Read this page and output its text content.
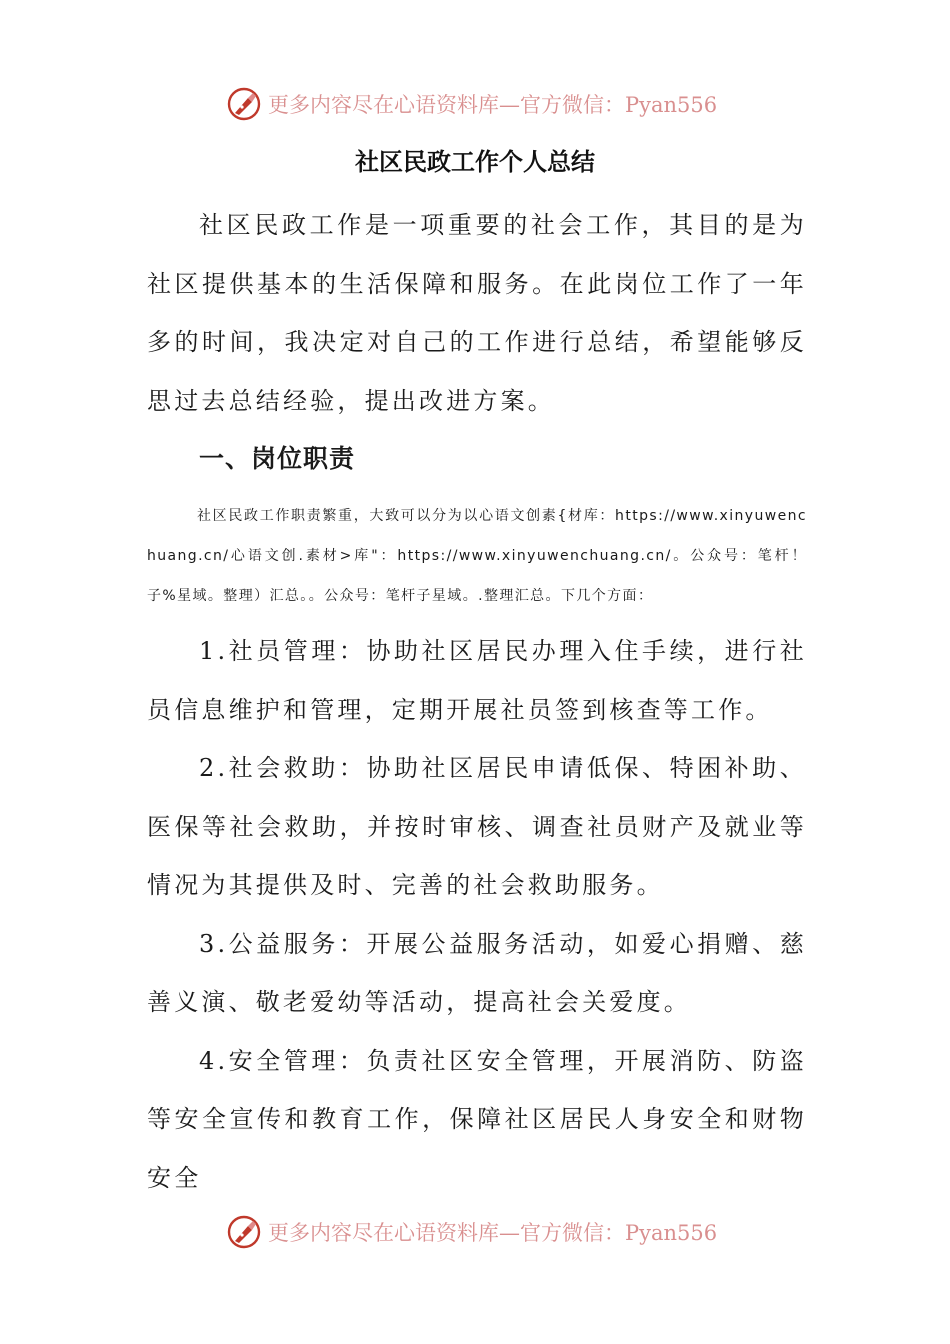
更多内容尽在心语资料库—官方微信：Pyan556
社区民政工作个人总结

社区民政工作是一项重要的社会工作，其目的是为社区提供基本的生活保障和服务。在此岗位工作了一年多的时间，我决定对自己的工作进行总结，希望能够反思过去总结经验，提出改进方案。

一、岗位职责

社区民政工作职责繁重，大致可以分为以心语文创素{材库：https://www.xinyuwenchuang.cn/心语文创.素材>库"：https://www.xinyuwenchuang.cn/。公众号：笔杆！子%星域。整理）汇总。。公众号：笔杆子星域。.整理汇总。下几个方面：

1.社员管理：协助社区居民办理入住手续，进行社员信息维护和管理，定期开展社员签到核查等工作。

2.社会救助：协助社区居民申请低保、特困补助、医保等社会救助，并按时审核、调查社员财产及就业等情况为其提供及时、完善的社会救助服务。

3.公益服务：开展公益服务活动，如爱心捐赠、慈善义演、敬老爱幼等活动，提高社会关爱度。

4.安全管理：负责社区安全管理，开展消防、防盗等安全宣传和教育工作，保障社区居民人身安全和财物安全

更多内容尽在心语资料库—官方微信：Pyan556
